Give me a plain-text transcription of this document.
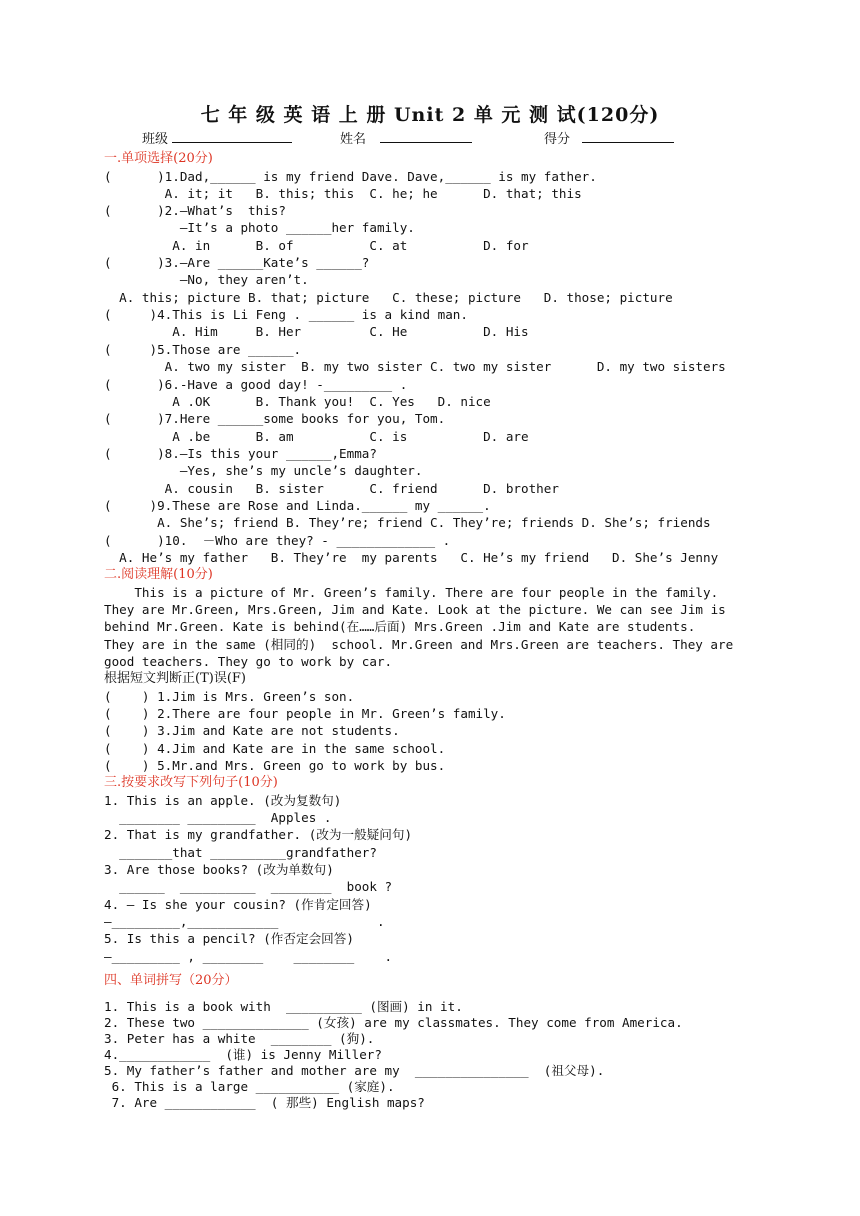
七 年 级 英 语 上 册 Unit 2 单 元 测 试(120分)
班级	姓名	得分
一.单项选择(20分)
(      )1.Dad,______ is my friend Dave. Dave,______ is my father.
A. it; it   B. this; this  C. he; he      D. that; this
(      )2.—What’s  this?
—It’s a photo ______her family.
A. in      B. of          C. at          D. for
(      )3.—Are ______Kate’s ______?
—No, they aren’t.
A. this; picture B. that; picture   C. these; picture   D. those; picture
(     )4.This is Li Feng . ______ is a kind man.
A. Him     B. Her         C. He          D. His
(     )5.Those are ______.
A. two my sister  B. my two sister C. two my sister      D. my two sisters
(      )6.-Have a good day! -_________ .
A .OK      B. Thank you!  C. Yes   D. nice
(      )7.Here ______some books for you, Tom.
A .be      B. am          C. is          D. are
(      )8.—Is this your ______,Emma?
—Yes, she’s my uncle’s daughter.
A. cousin   B. sister      C. friend      D. brother
(     )9.These are Rose and Linda.______ my ______.
A. She’s; friend B. They’re; friend C. They’re; friends D. She’s; friends
(      )10.  －Who are they? - _____________ .
A. He’s my father   B. They’re  my parents   C. He’s my friend   D. She’s Jenny
二.阅读理解(10分)
This is a picture of Mr. Green’s family. There are four people in the family.
They are Mr.Green, Mrs.Green, Jim and Kate. Look at the picture. We can see Jim is
behind Mr.Green. Kate is behind(在……后面) Mrs.Green .Jim and Kate are students.
They are in the same (相同的)  school. Mr.Green and Mrs.Green are teachers. They are
good teachers. They go to work by car.
根据短文判断正(T)误(F)
(    ) 1.Jim is Mrs. Green’s son.
(    ) 2.There are four people in Mr. Green’s family.
(    ) 3.Jim and Kate are not students.
(    ) 4.Jim and Kate are in the same school.
(    ) 5.Mr.and Mrs. Green go to work by bus.
三.按要求改写下列句子(10分)
1. This is an apple. (改为复数句)
________ _________  Apples .
2. That is my grandfather. (改为一般疑问句)
_______that __________grandfather?
3. Are those books? (改为单数句)
______  __________  ________  book ?
4. — Is she your cousin? (作肯定回答)
—_________,____________             .
5. Is this a pencil? (作否定会回答)
—_________ , ________    ________    .
四、单词拼写（20分）
1. This is a book with  __________ (图画) in it.
2. These two ______________ (女孩) are my classmates. They come from America.
3. Peter has a white  ________ (狗).
4.____________  (谁) is Jenny Miller?
5. My father’s father and mother are my  _______________  (祖父母).
6. This is a large ___________ (家庭).
7. Are ____________  ( 那些) English maps?
